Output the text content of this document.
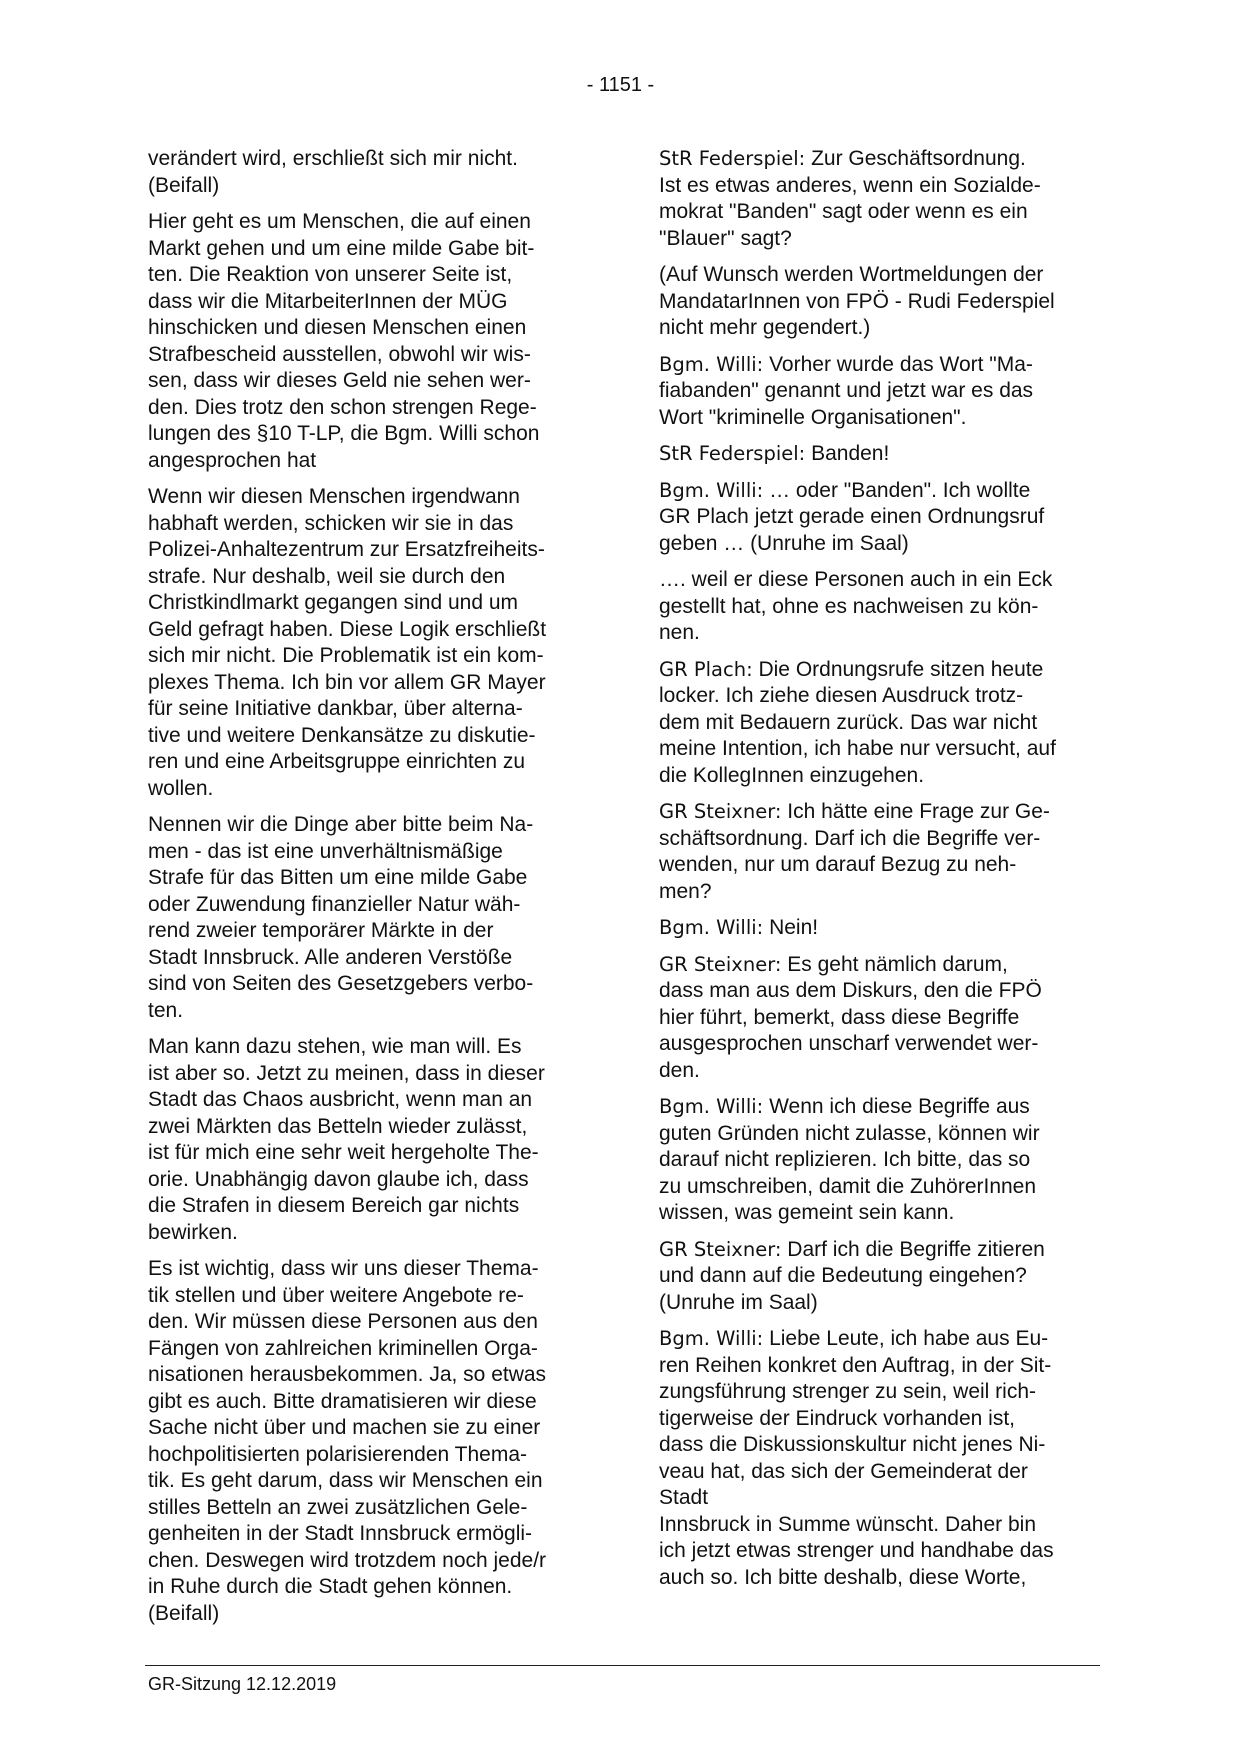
- 1151 -

verändert wird, erschließt sich mir nicht.
(Beifall)

Hier geht es um Menschen, die auf einen
Markt gehen und um eine milde Gabe bit-
ten. Die Reaktion von unserer Seite ist,
dass wir die MitarbeiterInnen der MÜG
hinschicken und diesen Menschen einen
Strafbescheid ausstellen, obwohl wir wis-
sen, dass wir dieses Geld nie sehen wer-
den. Dies trotz den schon strengen Rege-
lungen des §10 T-LP, die Bgm. Willi schon
angesprochen hat

Wenn wir diesen Menschen irgendwann
habhaft werden, schicken wir sie in das
Polizei-Anhaltezentrum zur Ersatzfreiheits-
strafe. Nur deshalb, weil sie durch den
Christkindlmarkt gegangen sind und um
Geld gefragt haben. Diese Logik erschließt
sich mir nicht. Die Problematik ist ein kom-
plexes Thema. Ich bin vor allem GR Mayer
für seine Initiative dankbar, über alterna-
tive und weitere Denkansätze zu diskutie-
ren und eine Arbeitsgruppe einrichten zu
wollen.

Nennen wir die Dinge aber bitte beim Na-
men - das ist eine unverhältnismäßige
Strafe für das Bitten um eine milde Gabe
oder Zuwendung finanzieller Natur wäh-
rend zweier temporärer Märkte in der
Stadt Innsbruck. Alle anderen Verstöße
sind von Seiten des Gesetzgebers verbo-
ten.

Man kann dazu stehen, wie man will. Es
ist aber so. Jetzt zu meinen, dass in dieser
Stadt das Chaos ausbricht, wenn man an
zwei Märkten das Betteln wieder zulässt,
ist für mich eine sehr weit hergeholte The-
orie. Unabhängig davon glaube ich, dass
die Strafen in diesem Bereich gar nichts
bewirken.

Es ist wichtig, dass wir uns dieser Thema-
tik stellen und über weitere Angebote re-
den. Wir müssen diese Personen aus den
Fängen von zahlreichen kriminellen Orga-
nisationen herausbekommen. Ja, so etwas
gibt es auch. Bitte dramatisieren wir diese
Sache nicht über und machen sie zu einer
hochpolitisierten polarisierenden Thema-
tik. Es geht darum, dass wir Menschen ein
stilles Betteln an zwei zusätzlichen Gele-
genheiten in der Stadt Innsbruck ermögli-
chen. Deswegen wird trotzdem noch jede/r
in Ruhe durch die Stadt gehen können.
(Beifall)

StR Federspiel: Zur Geschäftsordnung.
Ist es etwas anderes, wenn ein Sozialde-
mokrat "Banden" sagt oder wenn es ein
"Blauer" sagt?

(Auf Wunsch werden Wortmeldungen der
MandatarInnen von FPÖ - Rudi Federspiel
nicht mehr gegendert.)

Bgm. Willi: Vorher wurde das Wort "Ma-
fiabanden" genannt und jetzt war es das
Wort "kriminelle Organisationen".

StR Federspiel: Banden!

Bgm. Willi: … oder "Banden". Ich wollte
GR Plach jetzt gerade einen Ordnungsruf
geben … (Unruhe im Saal)

…. weil er diese Personen auch in ein Eck
gestellt hat, ohne es nachweisen zu kön-
nen.

GR Plach: Die Ordnungsrufe sitzen heute
locker. Ich ziehe diesen Ausdruck trotz-
dem mit Bedauern zurück. Das war nicht
meine Intention, ich habe nur versucht, auf
die KollegInnen einzugehen.

GR Steixner: Ich hätte eine Frage zur Ge-
schäftsordnung. Darf ich die Begriffe ver-
wenden, nur um darauf Bezug zu neh-
men?

Bgm. Willi: Nein!

GR Steixner: Es geht nämlich darum,
dass man aus dem Diskurs, den die FPÖ
hier führt, bemerkt, dass diese Begriffe
ausgesprochen unscharf verwendet wer-
den.

Bgm. Willi: Wenn ich diese Begriffe aus
guten Gründen nicht zulasse, können wir
darauf nicht replizieren. Ich bitte, das so
zu umschreiben, damit die ZuhörerInnen
wissen, was gemeint sein kann.

GR Steixner: Darf ich die Begriffe zitieren
und dann auf die Bedeutung eingehen?
(Unruhe im Saal)

Bgm. Willi: Liebe Leute, ich habe aus Eu-
ren Reihen konkret den Auftrag, in der Sit-
zungsführung strenger zu sein, weil rich-
tigerweise der Eindruck vorhanden ist,
dass die Diskussionskultur nicht jenes Ni-
veau hat, das sich der Gemeinderat der
Stadt

Innsbruck in Summe wünscht. Daher bin
ich jetzt etwas strenger und handhabe das
auch so. Ich bitte deshalb, diese Worte,

GR-Sitzung 12.12.2019
